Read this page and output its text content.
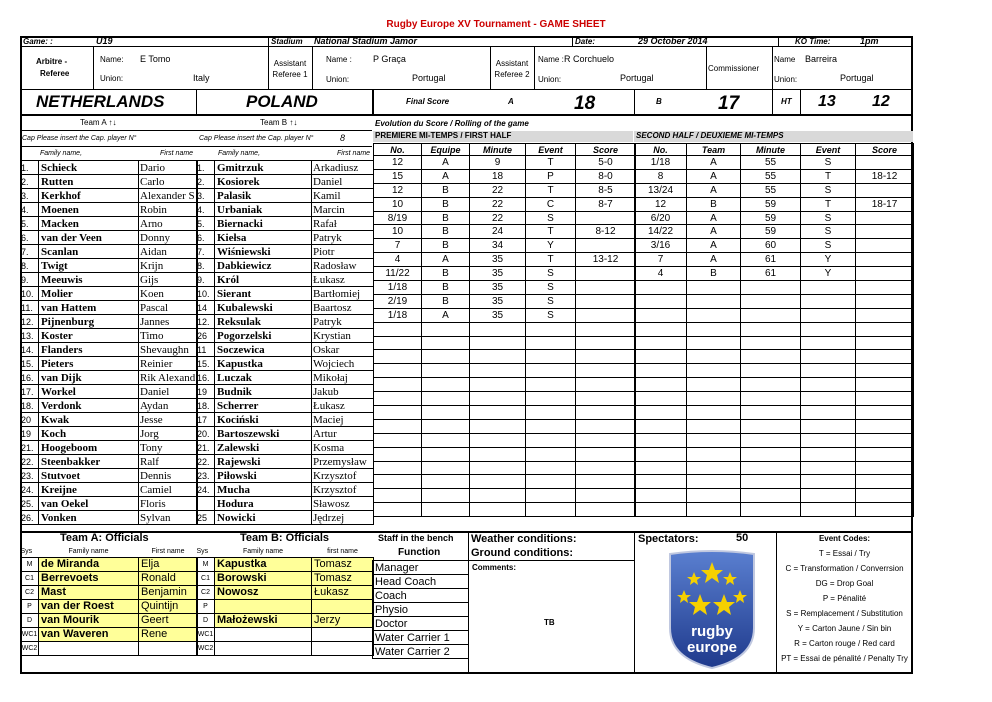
Rugby Europe XV Tournament - GAME SHEET
Game: :	U19	Stadium National Stadium Jamor	Date:	29 October 2014	KO Time:	1pm
Arbitre -
Referee
Name: E Tomo
Union:	Italy
Assistant Referee 1
Name : P Graça
Union:	Portugal
Assistant Referee 2
Name : R Corchuelo
Union:	Portugal
Commissioner
Name Barreira
Union:	Portugal
NETHERLANDS	POLAND	Final Score	A	18	B	17	HT 13 12
Team A ↑↓	Team B ↑↓	Evolution du Score / Rolling of the game
Cap Please insert the Cap. player N°	Cap Please insert the Cap. player N°	8
Family name,	First name	Family name,	First name
1.	Schieck	Dario
2.	Rutten	Carlo
3.	Kerkhof	Alexander S
4.	Moenen	Robin
5.	Macken	Arno
6.	van der Veen	Donny
7.	Scanlan	Aidan
8.	Twigt	Krijn
9.	Meeuwis	Gijs
10.	Molier	Koen
11.	van Hattem	Pascal
12.	Pijnenburg	Jannes
13.	Koster	Timo
14.	Flanders	Shevaughn
15.	Pieters	Reinier
16.	van Dijk	Rik Alexand
17.	Workel	Daniel
18.	Verdonk	Aydan
20	Kwak	Jesse
19	Koch	Jorg
21.	Hoogeboom	Tony
22.	Steenbakker	Ralf
23.	Stutvoet	Dennis
24.	Kreijne	Camiel
25.	van Oekel	Floris
26.	Vonken	Sylvan
1.	Gmitrzuk	Arkadiusz
2.	Kosiorek	Daniel
3.	Palasik	Kamil
4.	Urbaniak	Marcin
5.	Biernacki	Rafał
6.	Kiełsa	Patryk
7.	Wiśniewski	Piotr
8.	Dabkiewicz	Radosław
9.	Król	Łukasz
10.	Sierant	Bartłomiej
14	Kubalewski	Baartosz
12.	Reksulak	Patryk
26	Pogorzelski	Krystian
11	Soczewica	Oskar
15.	Kapustka	Wojciech
16.	Luczak	Mikołaj
19	Budnik	Jakub
18.	Scherrer	Łukasz
17	Kociński	Maciej
20.	Bartoszewski	Artur
21.	Zalewski	Kosma
22.	Rajewski	Przemysław
23.	Piłowski	Krzysztof
24.	Mucha	Krzysztof
	Hodura	Sławosz
25	Nowicki	Jędrzej
PREMIERE MI-TEMPS / FIRST HALF	SECOND HALF / DEUXIEME MI-TEMPS
No.	Equipe	Minute	Event	Score
12	A	9	T	5-0
15	A	18	P	8-0
12	B	22	T	8-5
10	B	22	C	8-7
8/19	B	22	S	
10	B	24	T	8-12
7	B	34	Y	
4	A	35	T	13-12
11/22	B	35	S	
1/18	B	35	S	
2/19	B	35	S	
1/18	A	35	S	

No.	Team	Minute	Event	Score
1/18	A	55	S	
8	A	55	T	18-12
13/24	A	55	S	
12	B	59	T	18-17
6/20	A	59	S	
14/22	A	59	S	
3/16	A	60	S	
7	A	61	Y	
4	B	61	Y	

Team A: Officials	Team B: Officials
Sys	Family name	First name
M	de Miranda	Elja
C1	Berrevoets	Ronald
C2	Mast	Benjamin
P	van der Roest	Quintijn
D	van Mourik	Geert
WC1	van Waveren	Rene
WC2		
Sys	Family name	first name
M	Kapustka	Tomasz
C1	Borowski	Tomasz
C2	Nowosz	Łukasz
P		
D	Małożewski	Jerzy
WC1		
WC2		
Staff in the bench
Function
Manager
Head Coach
Coach
Physio
Doctor
Water Carrier 1
Water Carrier 2
Weather conditions:
Ground conditions:
Comments:
TB
Spectators:	50
rugby
europe
Event Codes:
T = Essai / Try
C = Transformation / Converrsion
DG = Drop Goal
P = Pénalité
S = Remplacement / Substitution
Y = Carton Jaune / Sin bin
R = Carton rouge / Red card
PT = Essai de pénalité / Penalty Try
